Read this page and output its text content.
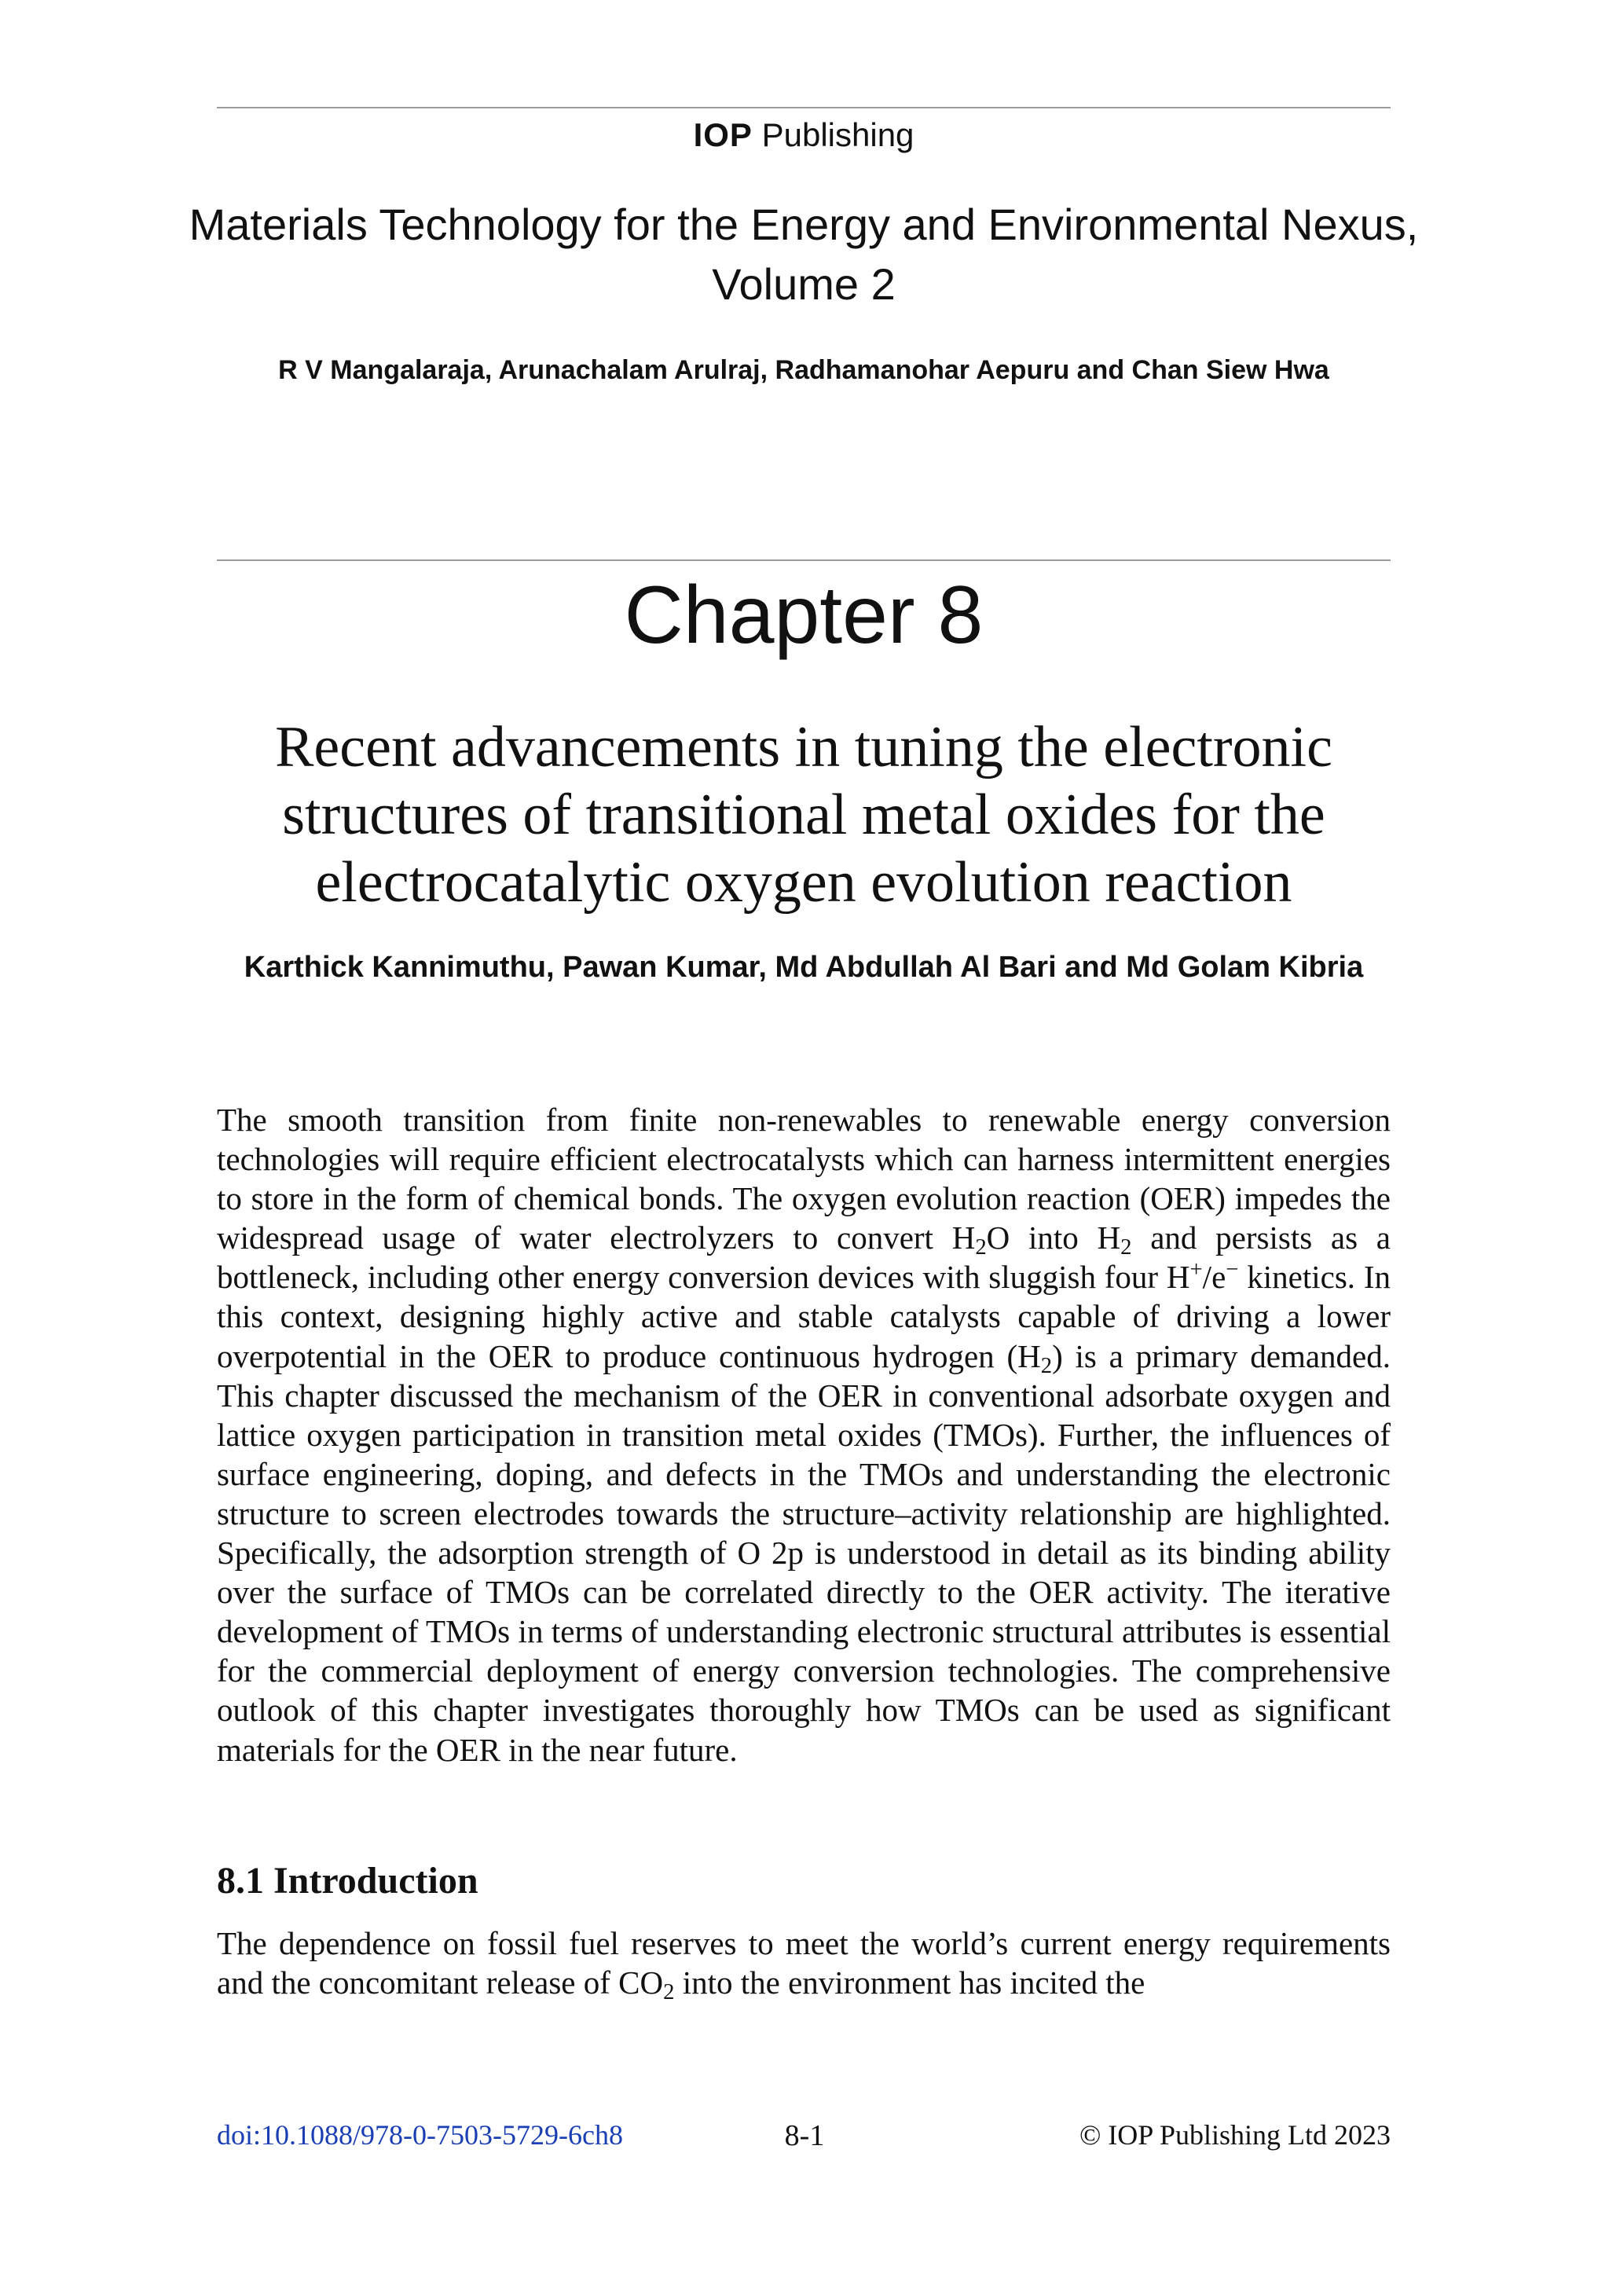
IOP Publishing
Materials Technology for the Energy and Environmental Nexus,
Volume 2
R V Mangalaraja, Arunachalam Arulraj, Radhamanohar Aepuru and Chan Siew Hwa
Chapter 8
Recent advancements in tuning the electronic
structures of transitional metal oxides for the
electrocatalytic oxygen evolution reaction
Karthick Kannimuthu, Pawan Kumar, Md Abdullah Al Bari and Md Golam Kibria

The smooth transition from finite non-renewables to renewable energy conversion technologies will require efficient electrocatalysts which can harness intermittent energies to store in the form of chemical bonds. The oxygen evolution reaction (OER) impedes the widespread usage of water electrolyzers to convert $H_2O$ into $H_2$ and persists as a bottleneck, including other energy conversion devices with sluggish four H+/e− kinetics. In this context, designing highly active and stable catalysts capable of driving a lower overpotential in the OER to produce continuous hydrogen $(H_2)$ is a primary demanded. This chapter discussed the mechanism of the OER in conventional adsorbate oxygen and lattice oxygen participation in transition metal oxides (TMOs). Further, the influences of surface engineering, doping, and defects in the TMOs and understanding the electronic structure to screen electrodes towards the structure–activity relationship are highlighted. Specifically, the adsorption strength of O 2p is understood in detail as its binding ability over the surface of TMOs can be correlated directly to the OER activity. The iterative development of TMOs in terms of understanding electronic structural attributes is essential for the commercial deployment of energy conversion technologies. The comprehensive outlook of this chapter investigates thoroughly how TMOs can be used as significant materials for the OER in the near future.

8.1 Introduction

The dependence on fossil fuel reserves to meet the world’s current energy requirements and the concomitant release of $CO_2$ into the environment has incited the

doi:10.1088/978-0-7503-5729-6ch8	8-1	© IOP Publishing Ltd 2023
